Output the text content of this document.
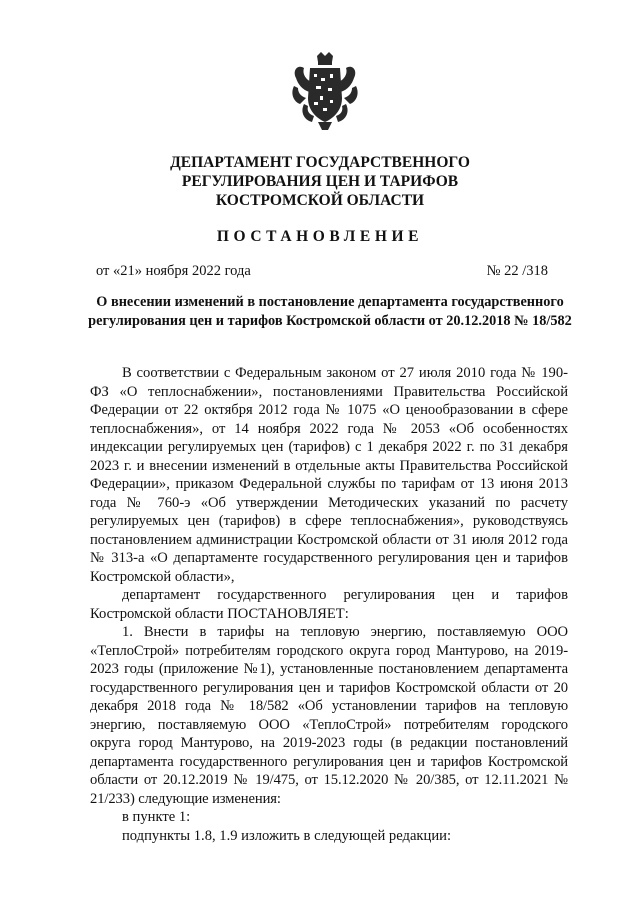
ДЕПАРТАМЕНТ ГОСУДАРСТВЕННОГО
РЕГУЛИРОВАНИЯ ЦЕН И ТАРИФОВ
КОСТРОМСКОЙ ОБЛАСТИ
ПОСТАНОВЛЕНИЕ
от «21» ноября 2022 года	№ 22 /318
О внесении изменений в постановление департамента государственного
регулирования цен и тарифов Костромской области от 20.12.2018 № 18/582

В соответствии с Федеральным законом от 27 июля 2010 года № 190-ФЗ «О теплоснабжении», постановлениями Правительства Российской Федерации от 22 октября 2012 года № 1075 «О ценообразовании в сфере теплоснабжения», от 14 ноября 2022 года № 2053 «Об особенностях индексации регулируемых цен (тарифов) с 1 декабря 2022 г. по 31 декабря 2023 г. и внесении изменений в отдельные акты Правительства Российской Федерации», приказом Федеральной службы по тарифам от 13 июня 2013 года № 760-э «Об утверждении Методических указаний по расчету регулируемых цен (тарифов) в сфере теплоснабжения», руководствуясь постановлением администрации Костромской области от 31 июля 2012 года № 313-а «О департаменте государственного регулирования цен и тарифов Костромской области»,

департамент государственного регулирования цен и тарифов Костромской области ПОСТАНОВЛЯЕТ:

1. Внести в тарифы на тепловую энергию, поставляемую ООО «ТеплоСтрой» потребителям городского округа город Мантурово, на 2019-2023 годы (приложение №1), установленные постановлением департамента государственного регулирования цен и тарифов Костромской области от 20 декабря 2018 года № 18/582 «Об установлении тарифов на тепловую энергию, поставляемую ООО «ТеплоСтрой» потребителям городского округа город Мантурово, на 2019-2023 годы (в редакции постановлений департамента государственного регулирования цен и тарифов Костромской области от 20.12.2019 № 19/475, от 15.12.2020 № 20/385, от 12.11.2021 № 21/233) следующие изменения:

в пункте 1:

подпункты 1.8, 1.9 изложить в следующей редакции:
